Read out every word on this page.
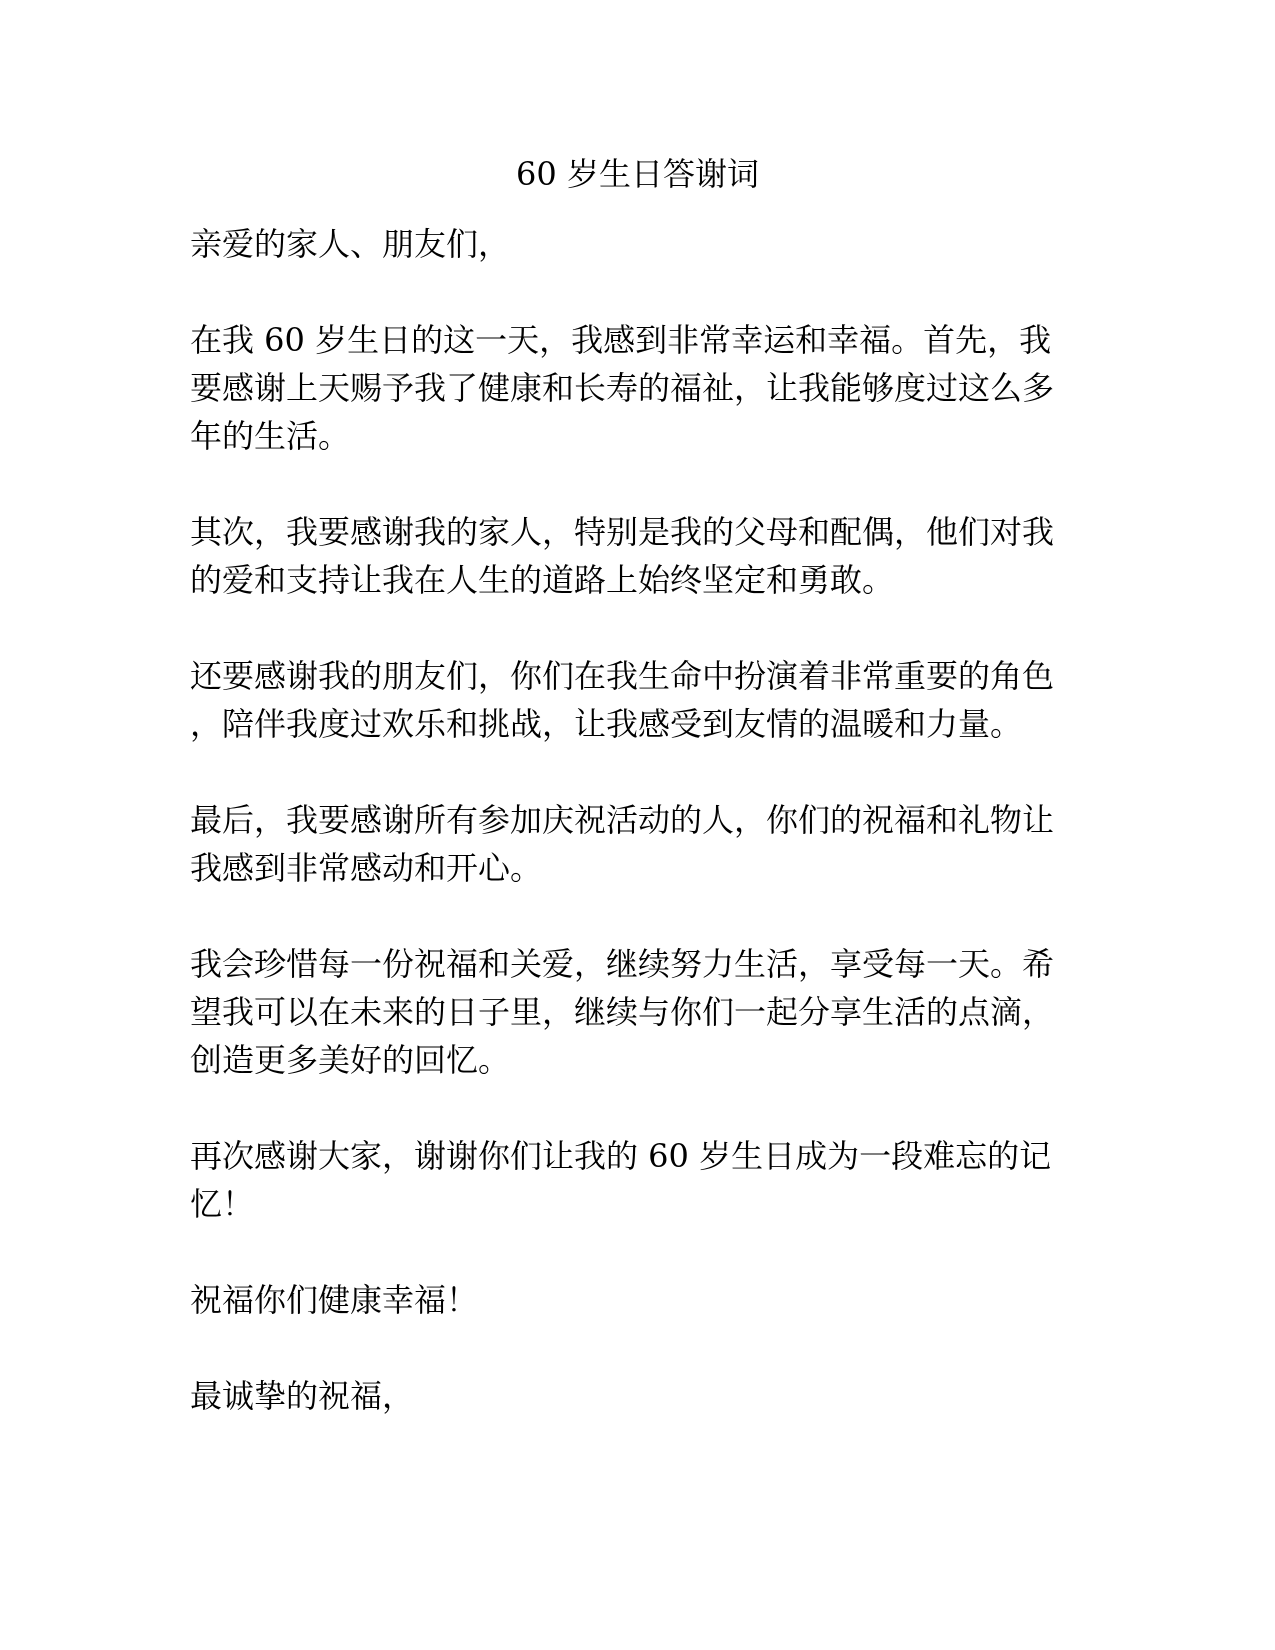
60 岁生日答谢词

亲爱的家人、朋友们，

在我 60 岁生日的这一天，我感到非常幸运和幸福。首先，我
要感谢上天赐予我了健康和长寿的福祉，让我能够度过这么多
年的生活。

其次，我要感谢我的家人，特别是我的父母和配偶，他们对我
的爱和支持让我在人生的道路上始终坚定和勇敢。

还要感谢我的朋友们，你们在我生命中扮演着非常重要的角色
，陪伴我度过欢乐和挑战，让我感受到友情的温暖和力量。

最后，我要感谢所有参加庆祝活动的人，你们的祝福和礼物让
我感到非常感动和开心。

我会珍惜每一份祝福和关爱，继续努力生活，享受每一天。希
望我可以在未来的日子里，继续与你们一起分享生活的点滴，
创造更多美好的回忆。

再次感谢大家，谢谢你们让我的 60 岁生日成为一段难忘的记
忆！

祝福你们健康幸福！

最诚挚的祝福，
